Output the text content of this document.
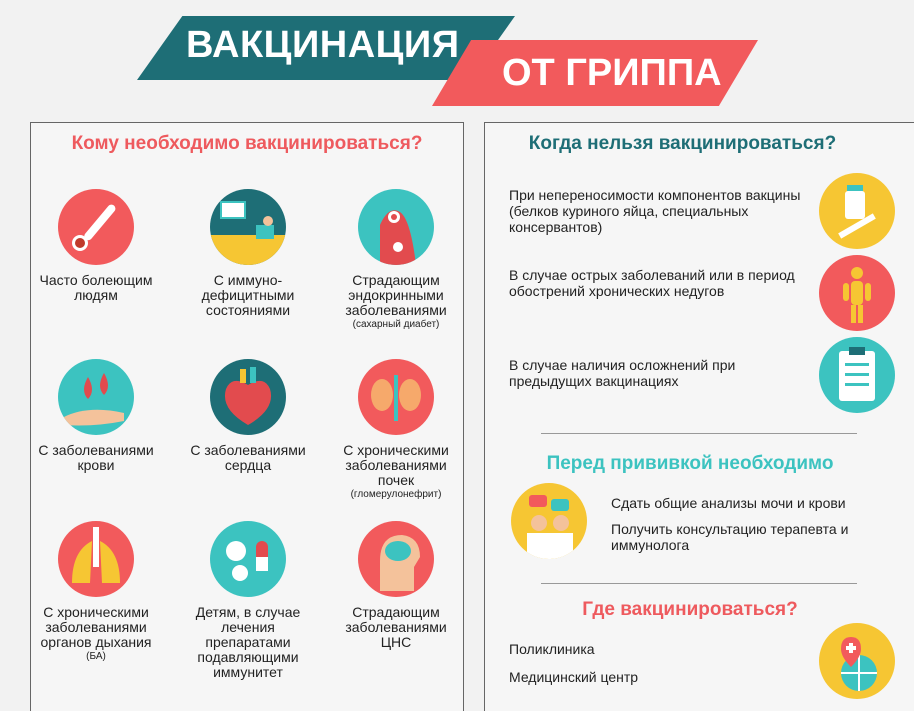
ВАКЦИНАЦИЯ
ОТ ГРИППА
Кому необходимо вакцинироваться?
Часто болеющим людям
С иммуно-дефицитными состояниями
Страдающим эндокринными заболеваниями
(сахарный диабет)
С заболеваниями крови
С заболеваниями сердца
С хроническими заболеваниями почек
(гломерулонефрит)
С хроническими заболеваниями органов дыхания
(БА)
Детям, в случае лечения препаратами подавляющими иммунитет
Страдающим заболеваниями ЦНС
Когда нельзя вакцинироваться?
При непереносимости компонентов вакцины (белков куриного яйца, специальных консервантов)
В случае острых заболеваний или в период обострений хронических недугов
В случае наличия осложнений при предыдущих вакцинациях
Перед прививкой необходимо
Сдать общие анализы мочи и крови
Получить консультацию терапевта и иммунолога
Где вакцинироваться?
Поликлиника
Медицинский центр
